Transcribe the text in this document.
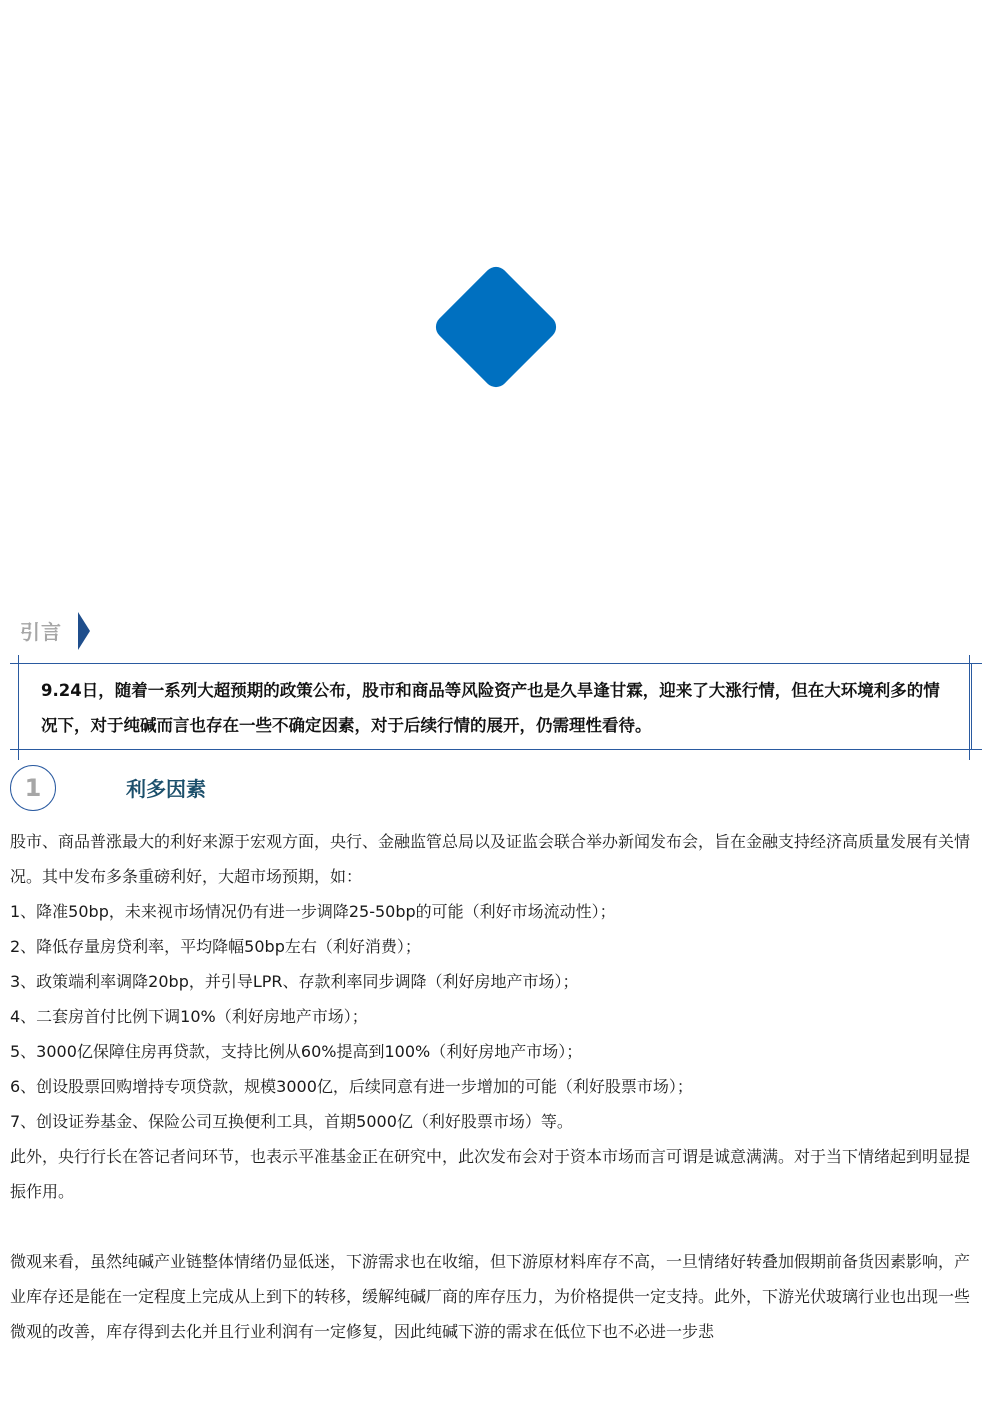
引言
9.24日，随着一系列大超预期的政策公布，股市和商品等风险资产也是久旱逢甘霖，迎来了大涨行情，但在大环境利多的情况下，对于纯碱而言也存在一些不确定因素，对于后续行情的展开，仍需理性看待。
1	利多因素

股市、商品普涨最大的利好来源于宏观方面，央行、金融监管总局以及证监会联合举办新闻发布会，旨在金融支持经济高质量发展有关情况。其中发布多条重磅利好，大超市场预期，如：

1、降准50bp，未来视市场情况仍有进一步调降25-50bp的可能（利好市场流动性）；

2、降低存量房贷利率，平均降幅50bp左右（利好消费）；

3、政策端利率调降20bp，并引导LPR、存款利率同步调降（利好房地产市场）；

4、二套房首付比例下调10%（利好房地产市场）；

5、3000亿保障住房再贷款，支持比例从60%提高到100%（利好房地产市场）；

6、创设股票回购增持专项贷款，规模3000亿，后续同意有进一步增加的可能（利好股票市场）；

7、创设证券基金、保险公司互换便利工具，首期5000亿（利好股票市场）等。

此外，央行行长在答记者问环节，也表示平准基金正在研究中，此次发布会对于资本市场而言可谓是诚意满满。对于当下情绪起到明显提振作用。

微观来看，虽然纯碱产业链整体情绪仍显低迷，下游需求也在收缩，但下游原材料库存不高，一旦情绪好转叠加假期前备货因素影响，产业库存还是能在一定程度上完成从上到下的转移，缓解纯碱厂商的库存压力，为价格提供一定支持。此外，下游光伏玻璃行业也出现一些微观的改善，库存得到去化并且行业利润有一定修复，因此纯碱下游的需求在低位下也不必进一步悲
